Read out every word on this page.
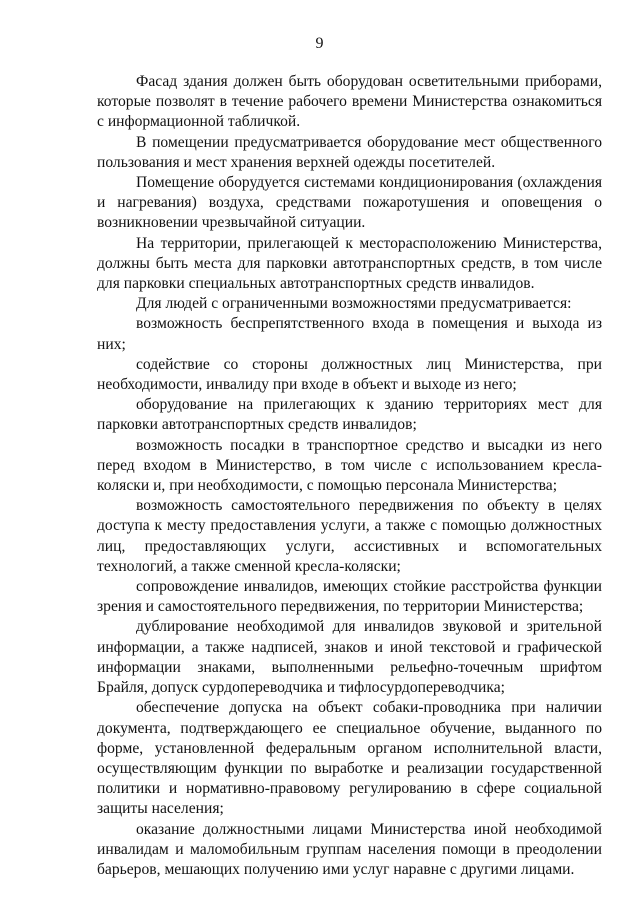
9

Фасад здания должен быть оборудован осветительными приборами, которые позволят в течение рабочего времени Министерства ознакомиться с информационной табличкой.

В помещении предусматривается оборудование мест общественного пользования и мест хранения верхней одежды посетителей.

Помещение оборудуется системами кондиционирования (охлаждения и нагревания) воздуха, средствами пожаротушения и оповещения о возникновении чрезвычайной ситуации.

На территории, прилегающей к месторасположению Министерства, должны быть места для парковки автотранспортных средств, в том числе для парковки специальных автотранспортных средств инвалидов.

Для людей с ограниченными возможностями предусматривается:

возможность беспрепятственного входа в помещения и выхода из них;

содействие со стороны должностных лиц Министерства, при необходимости, инвалиду при входе в объект и выходе из него;

оборудование на прилегающих к зданию территориях мест для парковки автотранспортных средств инвалидов;

возможность посадки в транспортное средство и высадки из него перед входом в Министерство, в том числе с использованием кресла-коляски и, при необходимости, с помощью персонала Министерства;

возможность самостоятельного передвижения по объекту в целях доступа к месту предоставления услуги, а также с помощью должностных лиц, предоставляющих услуги, ассистивных и вспомогательных технологий, а также сменной кресла-коляски;

сопровождение инвалидов, имеющих стойкие расстройства функции зрения и самостоятельного передвижения, по территории Министерства;

дублирование необходимой для инвалидов звуковой и зрительной информации, а также надписей, знаков и иной текстовой и графической информации знаками, выполненными рельефно-точечным шрифтом Брайля, допуск сурдопереводчика и тифлосурдопереводчика;

обеспечение допуска на объект собаки-проводника при наличии документа, подтверждающего ее специальное обучение, выданного по форме, установленной федеральным органом исполнительной власти, осуществляющим функции по выработке и реализации государственной политики и нормативно-правовому регулированию в сфере социальной защиты населения;

оказание должностными лицами Министерства иной необходимой инвалидам и маломобильным группам населения помощи в преодолении барьеров, мешающих получению ими услуг наравне с другими лицами.
